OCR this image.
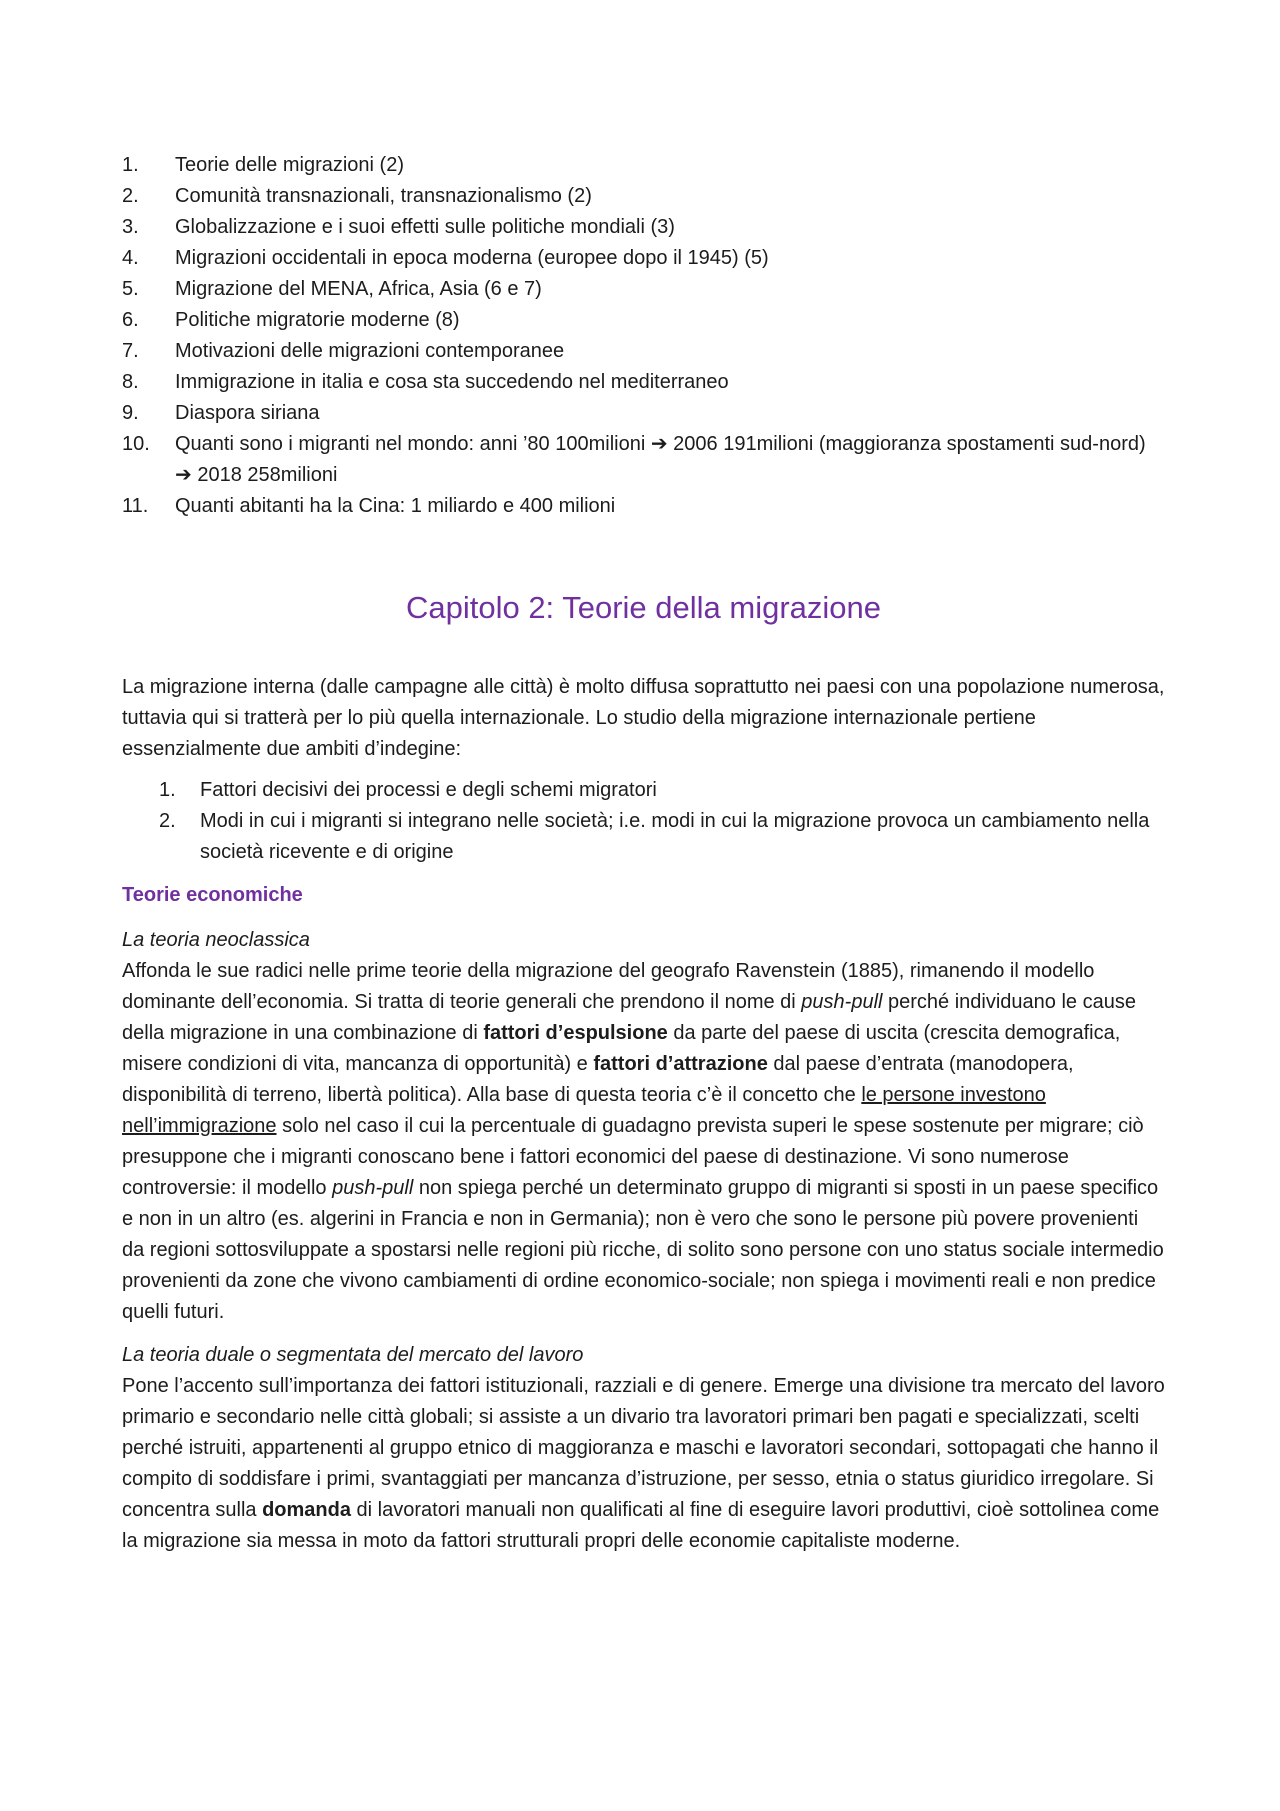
1.	Teorie delle migrazioni (2)
2.	Comunità transnazionali, transnazionalismo (2)
3.	Globalizzazione e i suoi effetti sulle politiche mondiali (3)
4.	Migrazioni occidentali in epoca moderna (europee dopo il 1945) (5)
5.	Migrazione del MENA, Africa, Asia (6 e 7)
6.	Politiche migratorie moderne (8)
7.	Motivazioni delle migrazioni contemporanee
8.	Immigrazione in italia e cosa sta succedendo nel mediterraneo
9.	Diaspora siriana
10.	Quanti sono i migranti nel mondo: anni ’80 100milioni ➔ 2006 191milioni (maggioranza spostamenti sud-nord) ➔ 2018 258milioni
11.	Quanti abitanti ha la Cina: 1 miliardo e 400 milioni
Capitolo 2: Teorie della migrazione

La migrazione interna (dalle campagne alle città) è molto diffusa soprattutto nei paesi con una popolazione numerosa, tuttavia qui si tratterà per lo più quella internazionale. Lo studio della migrazione internazionale pertiene essenzialmente due ambiti d’indegine:

1.	Fattori decisivi dei processi e degli schemi migratori
2.	Modi in cui i migranti si integrano nelle società; i.e. modi in cui la migrazione provoca un cambiamento nella società ricevente e di origine
Teorie economiche

La teoria neoclassica

Affonda le sue radici nelle prime teorie della migrazione del geografo Ravenstein (1885), rimanendo il modello dominante dell’economia. Si tratta di teorie generali che prendono il nome di push-pull perché individuano le cause della migrazione in una combinazione di fattori d’espulsione da parte del paese di uscita (crescita demografica, misere condizioni di vita, mancanza di opportunità) e fattori d’attrazione dal paese d’entrata (manodopera, disponibilità di terreno, libertà politica). Alla base di questa teoria c’è il concetto che le persone investono nell’immigrazione solo nel caso il cui la percentuale di guadagno prevista superi le spese sostenute per migrare; ciò presuppone che i migranti conoscano bene i fattori economici del paese di destinazione. Vi sono numerose controversie: il modello push-pull non spiega perché un determinato gruppo di migranti si sposti in un paese specifico e non in un altro (es. algerini in Francia e non in Germania); non è vero che sono le persone più povere provenienti da regioni sottosviluppate a spostarsi nelle regioni più ricche, di solito sono persone con uno status sociale intermedio provenienti da zone che vivono cambiamenti di ordine economico-sociale; non spiega i movimenti reali e non predice quelli futuri.

La teoria duale o segmentata del mercato del lavoro

Pone l’accento sull’importanza dei fattori istituzionali, razziali e di genere. Emerge una divisione tra mercato del lavoro primario e secondario nelle città globali; si assiste a un divario tra lavoratori primari ben pagati e specializzati, scelti perché istruiti, appartenenti al gruppo etnico di maggioranza e maschi e lavoratori secondari, sottopagati che hanno il compito di soddisfare i primi, svantaggiati per mancanza d’istruzione, per sesso, etnia o status giuridico irregolare. Si concentra sulla domanda di lavoratori manuali non qualificati al fine di eseguire lavori produttivi, cioè sottolinea come la migrazione sia messa in moto da fattori strutturali propri delle economie capitaliste moderne.
